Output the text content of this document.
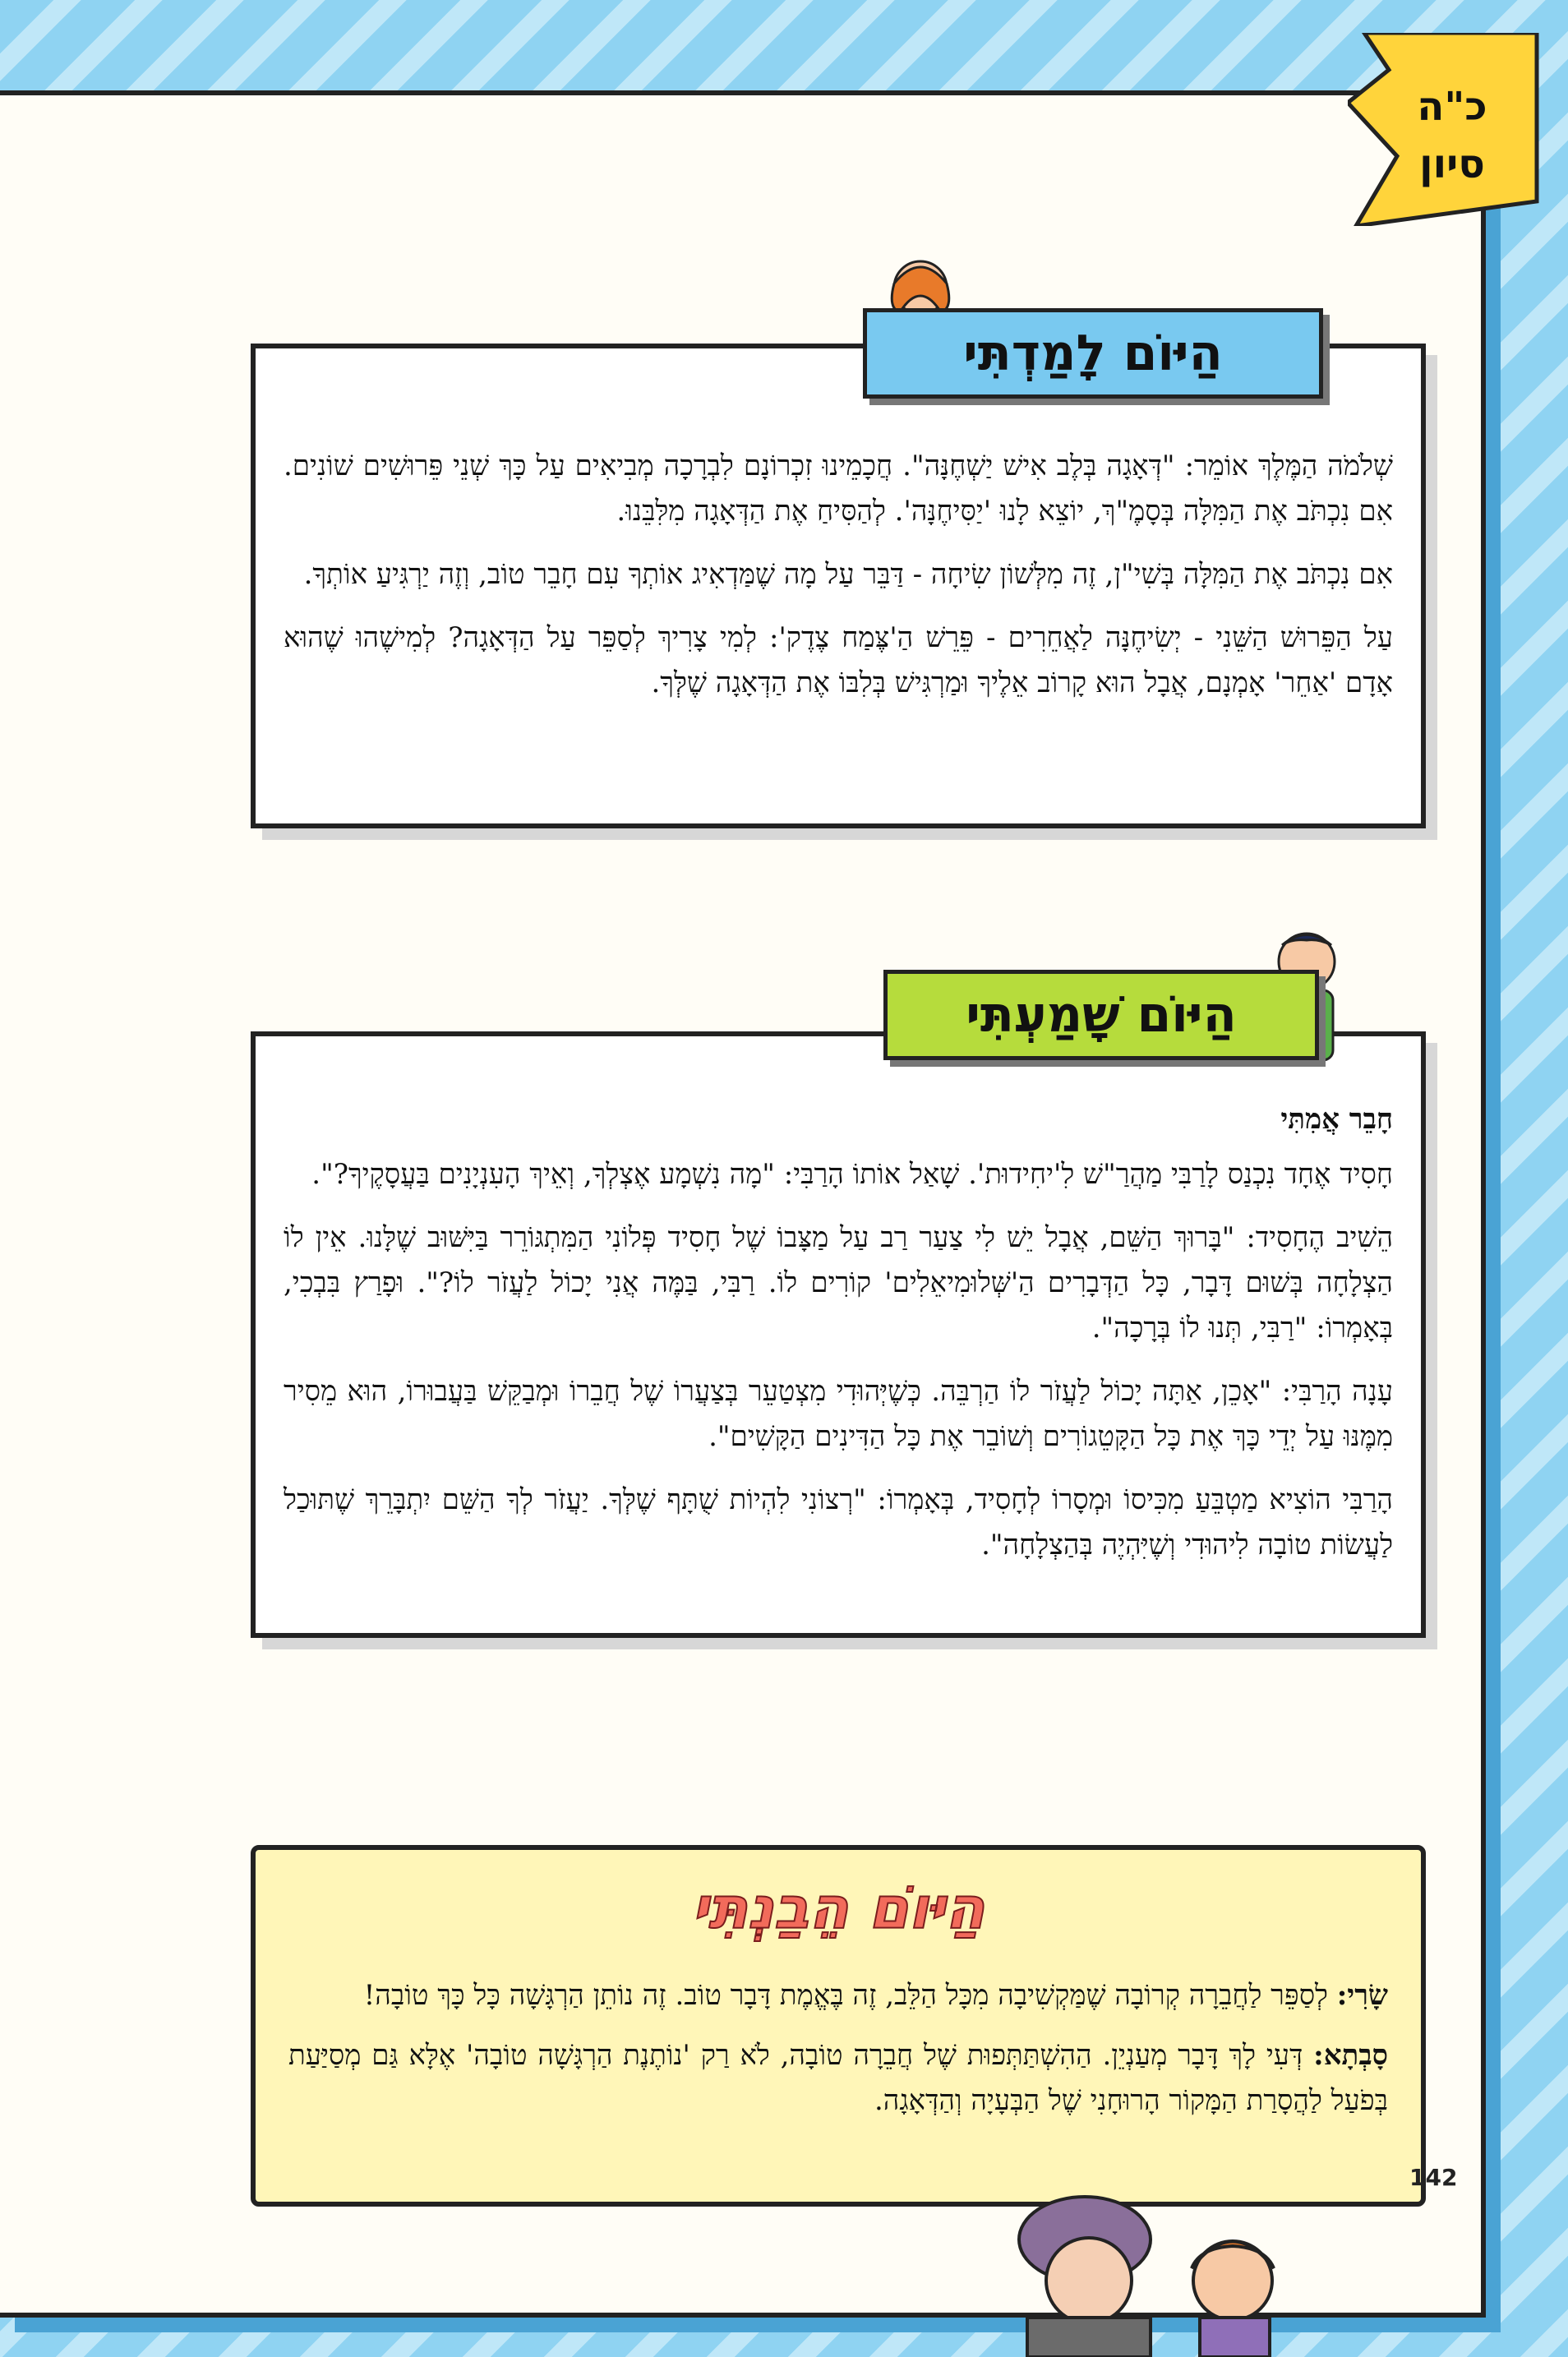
כ"ה
סיון
הַיּוֹם לָמַדְתִּי

שְׁלֹמֹה הַמֶּלֶךְ אוֹמֵר: "דְּאָגָה בְּלֶב אִישׁ יַשְׁחֶנָּה". חֲכָמֵינוּ זִכְרוֹנָם לִבְרָכָה מְבִיאִים עַל כָּךְ שְׁנֵי פֵּרוּשִׁים שׁוֹנִים. אִם נִכְתֹּב אֶת הַמִּלָּה בְּסָמֶ"ךְ, יוֹצֵא לָנוּ 'יַסִּיחֶנָּה'. לְהַסִּיחַ אֶת הַדְּאָגָה מִלִּבֵּנוּ.

אִם נִכְתֹּב אֶת הַמִּלָּה בְּשִׁי"ן, זֶה מִלְּשׁוֹן שִׂיחָה - דַּבֵּר עַל מָה שֶׁמַּדְאִיג אוֹתְךָ עִם חָבֵר טוֹב, וְזֶה יַרְגִּיעַ אוֹתְךָ.

עַל הַפֵּרוּשׁ הַשֵּׁנִי - יְשִׂיחֶנָּה לַאֲחֵרִים - פֵּרֵשׁ הַ'צֶּמַח צֶדֶק': לְמִי צָרִיךְ לְסַפֵּר עַל הַדְּאָגָה? לְמִישֶׁהוּ שֶׁהוּא אָדָם 'אַחֵר' אָמְנָם, אֲבָל הוּא קָרוֹב אֵלֶיךָ וּמַרְגִּישׁ בְּלִבּוֹ אֶת הַדְּאָגָה שֶׁלְּךָ.

הַיּוֹם שָׁמַעְתִּי
חָבֵר אֲמִתִּי

חָסִיד אֶחָד נִכְנַס לָרַבִּי מַהֲרַ"שׁ לִ'יחִידוּת'. שָׁאַל אוֹתוֹ הָרַבִּי: "מָה נִשְׁמָע אֶצְלְךָ, וְאֵיךְ הָעִנְיָנִים בַּעֲסָקֶיךָ?".

הֵשִׁיב הֶחָסִיד: "בָּרוּךְ הַשֵּׁם, אֲבָל יֵשׁ לִי צַעַר רַב עַל מַצָּבוֹ שֶׁל חָסִיד פְּלוֹנִי הַמִּתְגּוֹרֵר בַּיִּשּׁוּב שֶׁלָּנוּ. אֵין לוֹ הַצְלָחָה בְּשׁוּם דָּבָר, כָּל הַדְּבָרִים הַ'שְּׁלוּמִיאֵלִים' קוֹרִים לוֹ. רַבִּי, בַּמֶּה אֲנִי יָכוֹל לַעֲזֹר לוֹ?". וּפָרַץ בִּבְכִי, בְּאָמְרוֹ: "רַבִּי, תְּנוּ לוֹ בְּרָכָה".

עָנָה הָרַבִּי: "אָכֵן, אַתָּה יָכוֹל לַעֲזֹר לוֹ הַרְבֵּה. כְּשֶׁיְּהוּדִי מִצְטַעֵר בְּצַעֲרוֹ שֶׁל חֲבֵרוֹ וּמְבַקֵּשׁ בַּעֲבוּרוֹ, הוּא מֵסִיר מִמֶּנּוּ עַל יְדֵי כָּךְ אֶת כָּל הַקָּטֵגוֹרִים וְשׁוֹבֵר אֶת כָּל הַדִּינִים הַקָּשִׁים".

הָרַבִּי הוֹצִיא מַטְבֵּעַ מִכִּיסוֹ וּמְסָרוֹ לְחָסִיד, בְּאָמְרוֹ: "רְצוֹנִי לִהְיוֹת שֻׁתָּף שֶׁלְּךָ. יַעֲזֹר לְךָ הַשֵּׁם יִתְבָּרֵךְ שֶׁתּוּכַל לַעֲשׂוֹת טוֹבָה לִיהוּדִי וְשֶׁיִּהְיֶה בְּהַצְלָחָה".

הַיּוֹם הֵבַנְתִּי

שָׂרִי: לְסַפֵּר לַחֲבֵרָה קְרוֹבָה שֶׁמַּקְשִׁיבָה מִכָּל הַלֵּב, זֶה בֶּאֱמֶת דָּבָר טוֹב. זֶה נוֹתֵן הַרְגָּשָׁה כָּל כָּךְ טוֹבָה!

סָבְתָא: דְּעִי לָךְ דָּבָר מְעַנְיֵן. הַהִשְׁתַּתְּפוּת שֶׁל חֲבֵרָה טוֹבָה, לֹא רַק 'נוֹתֶנֶת הַרְגָּשָׁה טוֹבָה' אֶלָּא גַּם מְסַיַּעַת בְּפֹעַל לַהֲסָרַת הַמָּקוֹר הָרוּחָנִי שֶׁל הַבְּעָיָה וְהַדְּאָגָה.

142
